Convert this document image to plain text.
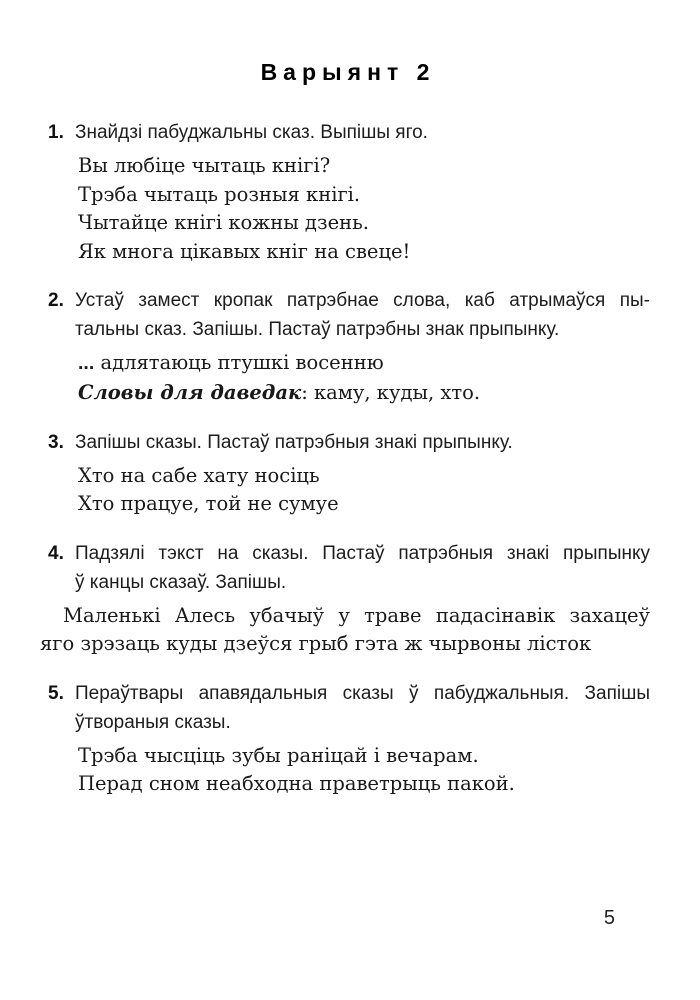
Варыянт 2
1. Знайдзі пабуджальны сказ. Выпішы яго.
Вы любіце чытаць кнігі?
Трэба чытаць розныя кнігі.
Чытайце кнігі кожны дзень.
Як многа цікавых кніг на свеце!
2. Устаў замест кропак патрэбнае слова, каб атрымаўся пы-
тальны сказ. Запішы. Пастаў патрэбны знак прыпынку.
... адлятаюць птушкі восенню
Словы для даведак: каму, куды, хто.
3. Запішы сказы. Пастаў патрэбныя знакі прыпынку.
Хто на сабе хату носіць
Хто працуе, той не сумуе
4. Падзялі тэкст на сказы. Пастаў патрэбныя знакі прыпынку
ў канцы сказаў. Запішы.
Маленькі Алесь убачыў у траве падасінавік захацеў
яго зрэзаць куды дзеўся грыб гэта ж чырвоны лісток
5. Пераўтвары апавядальныя сказы ў пабуджальныя. Запішы
ўтвораныя сказы.
Трэба чысціць зубы раніцай і вечарам.
Перад сном неабходна праветрыць пакой.
5
